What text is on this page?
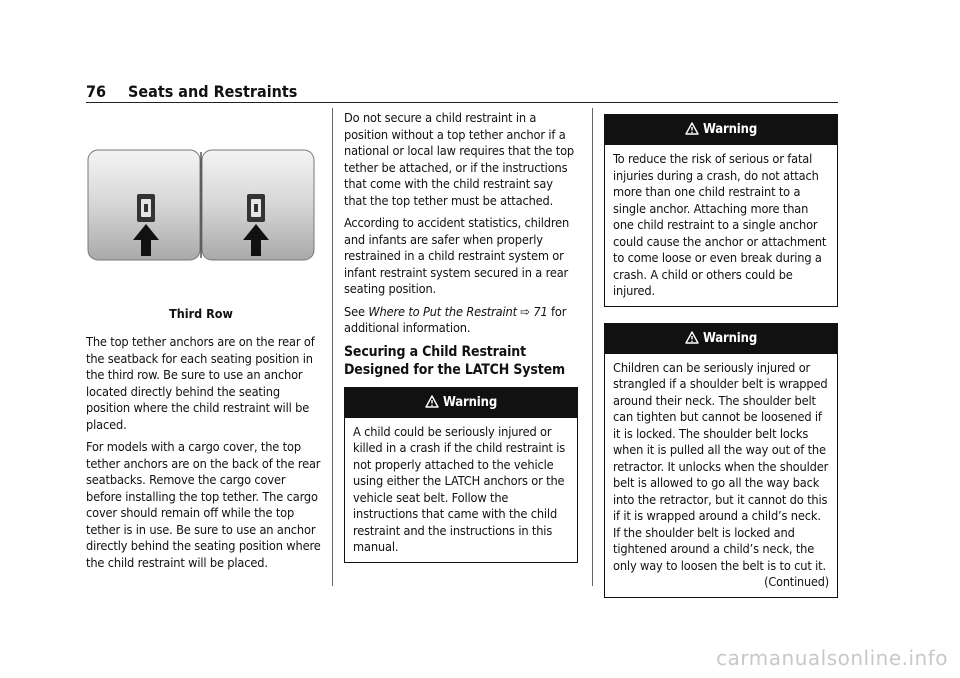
76 Seats and Restraints
Third Row

The top tether anchors are on the rear of the seatback for each seating position in the third row. Be sure to use an anchor located directly behind the seating position where the child restraint will be placed.

For models with a cargo cover, the top tether anchors are on the back of the rear seatbacks. Remove the cargo cover before installing the top tether. The cargo cover should remain off while the top tether is in use. Be sure to use an anchor directly behind the seating position where the child restraint will be placed.

Do not secure a child restraint in a position without a top tether anchor if a national or local law requires that the top tether be attached, or if the instructions that come with the child restraint say that the top tether must be attached.

According to accident statistics, children and infants are safer when properly restrained in a child restraint system or infant restraint system secured in a rear seating position.

See Where to Put the Restraint ⇨ 71 for additional information.

Securing a Child Restraint Designed for the LATCH System
Warning
A child could be seriously injured or killed in a crash if the child restraint is not properly attached to the vehicle using either the LATCH anchors or the vehicle seat belt. Follow the instructions that came with the child restraint and the instructions in this manual.
Warning
To reduce the risk of serious or fatal injuries during a crash, do not attach more than one child restraint to a single anchor. Attaching more than one child restraint to a single anchor could cause the anchor or attachment to come loose or even break during a crash. A child or others could be injured.
Warning
Children can be seriously injured or strangled if a shoulder belt is wrapped around their neck. The shoulder belt can tighten but cannot be loosened if it is locked. The shoulder belt locks when it is pulled all the way out of the retractor. It unlocks when the shoulder belt is allowed to go all the way back into the retractor, but it cannot do this if it is wrapped around a child’s neck. If the shoulder belt is locked and tightened around a child’s neck, the only way to loosen the belt is to cut it.
(Continued)
carmanualsonline.info
